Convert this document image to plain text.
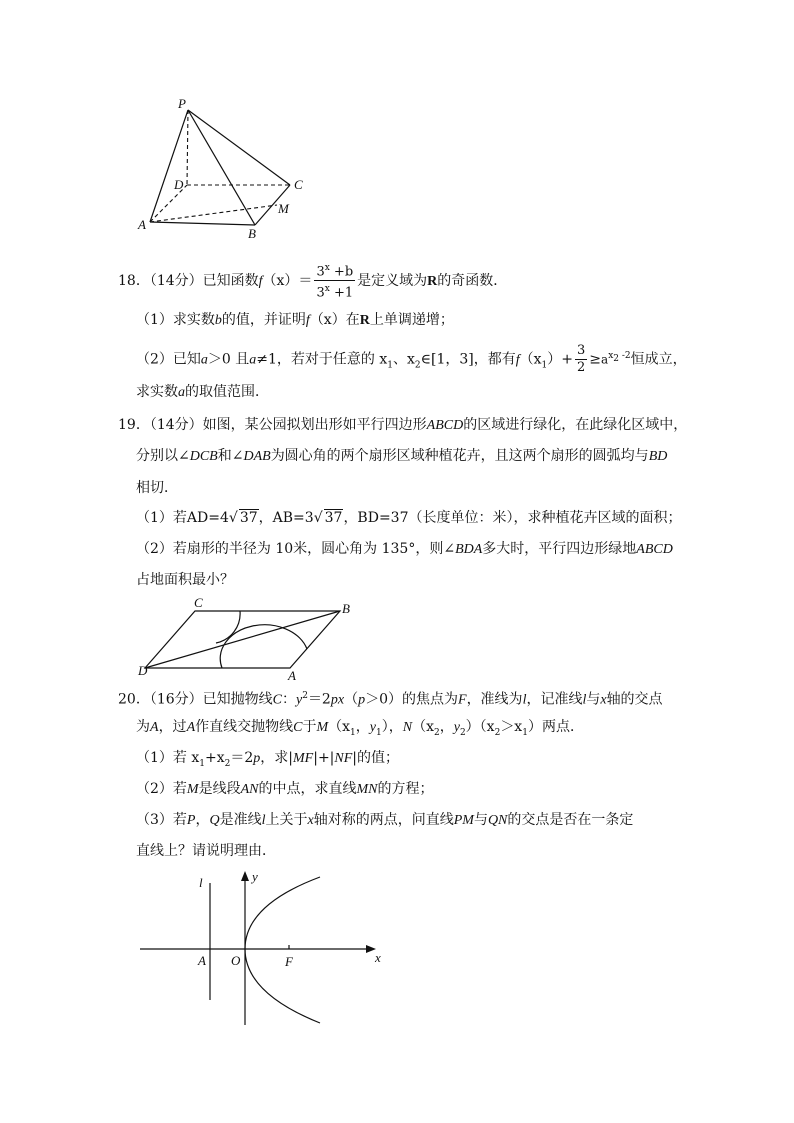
P
D	C
A
B
M
18．（14分）已知函数$f(x)= \frac{3^x +b}{3^x +1}$ 是定义域为R的奇函数．
（1）求实数b的值，并证明f（x）在R上单调递增；
（2）已知a＞0 且a≠1，若对于任意的 $x_1$、$x_2\in[1$，3]，都有$f(x_1)+ \frac{3}{2} \ge a^{x_2 -2}$恒成立，
求实数a的取值范围．
19．（14分）如图，某公园拟划出形如平行四边形ABCD的区域进行绿化，在此绿化区域中，
分别以∠DCB和∠DAB为圆心角的两个扇形区域种植花卉，且这两个扇形的圆弧均与BD
相切．
（1）若AD=4√ 37，AB=3√ 37，BD=37（长度单位：米），求种植花卉区域的面积；
（2）若扇形的半径为 10米，圆心角为 135°，则∠BDA多大时，平行四边形绿地ABCD
占地面积最小？
C	B
D	A
20．（16分）已知抛物线C：$y^2=2px(p>0)$的焦点为F，准线为l，记准线l与x轴的交点
为A，过A作直线交抛物线C于$M(x_1$，$y_1$），$N(x_2$，$y_2)(x_2>x_1)$两点．
（1）若 $x_1+x_2=2p$，求|MF|+|NF|的值；
（2）若M是线段AN的中点，求直线MN的方程；
（3）若P，Q是准线l上关于x轴对称的两点，问直线PM与QN的交点是否在一条定
直线上？请说明理由．
l	y
A O	F	x
